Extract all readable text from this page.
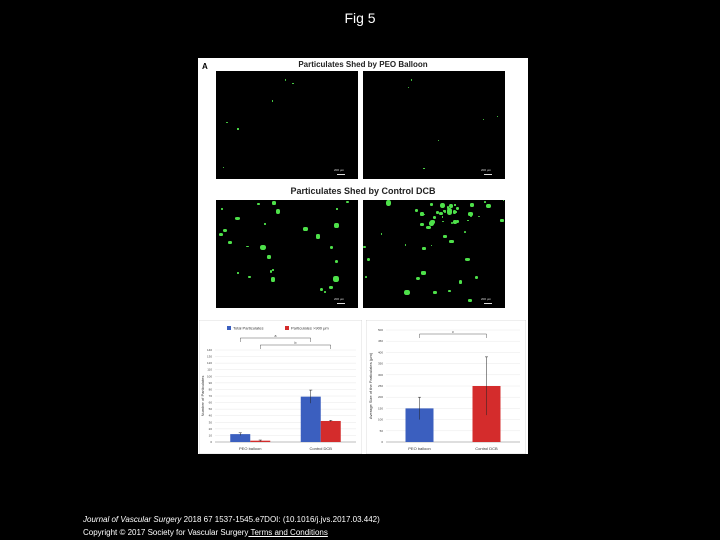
Fig 5
A	Particulates Shed by PEO Balloon
200 μm	200 μm
Particulates Shed by Control DCB
200 μm	200 μm
0
10
20
30
40
50
60
70
80
90
100
110
120
130
140
Number of Particulates
PEO balloon	Control DCB
Total Particulates	Particulates >900 μm
a
b
0
50
100
150
200
250
300
350
400
450
500
Average Size of the Particulates (μm)
PEO balloon	Control DCB
c
Journal of Vascular Surgery 2018 67 1537-1545.e7DOI: (10.1016/j.jvs.2017.03.442)
Copyright © 2017 Society for Vascular Surgery Terms and Conditions
